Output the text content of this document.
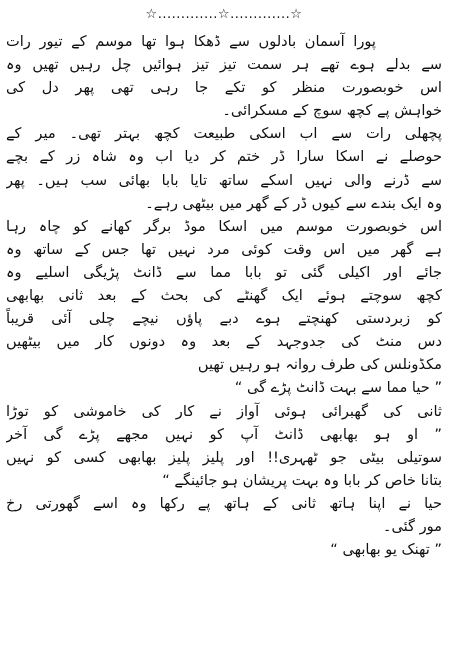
☆.............☆.............☆
پورا آسمان بادلوں سے ڈھکا ہوا تھا موسم کے تیور رات
سے بدلے ہوے تھے ہر سمت تیز تیز ہوائیں چل رہیں تھیں وہ
اس خوبصورت منظر کو تکے جا رہی تھی پھر دل کی
خواہش پے کچھ سوچ کے مسکرائی۔
پچھلی رات سے اب اسکی طبیعت کچھ بہتر تھی۔ میر کے
حوصلے نے اسکا سارا ڈر ختم کر دیا اب وہ شاہ زر کے بچے
سے ڈرنے والی نہیں اسکے ساتھ تایا بابا بھائی سب ہیں۔ پھر
وہ ایک بندے سے کیوں ڈر کے گھر میں بیٹھی رہے۔
اس خوبصورت موسم میں اسکا موڈ برگر کھانے کو چاہ رہا
ہے گھر میں اس وقت کوئی مرد نہیں تھا جس کے ساتھ وہ
جائے اور اکیلی گئی تو بابا مما سے ڈانٹ پڑیگی اسلیے وہ
کچھ سوچتے ہوئے ایک گھنٹے کی بحث کے بعد ثانی بھابھی
کو زبردستی کھنچتے ہوے دبے پاؤں نیچے چلی آئی قریباً
دس منٹ کی جدوجہد کے بعد وہ دونوں کار میں بیٹھیں
مکڈونلس کی طرف روانہ ہو رہیں تھیں
” حیا مما سے بہت ڈانٹ پڑے گی “
ثانی کی گھبرائی ہوئی آواز نے کار کی خاموشی کو توڑا
” او ہو بھابھی ڈانٹ آپ کو نہیں مجھے پڑے گی آخر
سوتیلی بیٹی جو ٹھہری!! اور پلیز پلیز بھابھی کسی کو نہیں
بتانا خاص کر بابا وہ بہت پریشان ہو جائینگے “
حیا نے اپنا ہاتھ ثانی کے ہاتھ پے رکھا وہ اسے گھورتی رخ
مور گئی۔
” تھنک یو بھابھی “
